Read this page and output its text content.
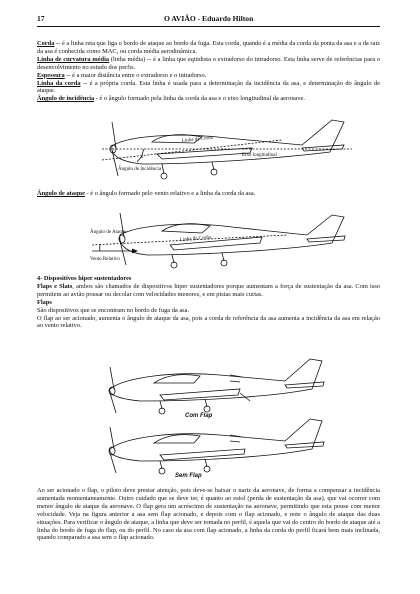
17	O AVIÃO - Eduardo Hilton
Corda -- é a linha reta que liga o bordo de ataque ao bordo da fuga. Esta corda, quando é a média da corda da ponta da asa e a da raiz da asa é conhecida como MAC, ou corda média aerodinâmica.
Linha de curvatura média (linha média) -- é a linha que eqüidista o extradorso do intradorso. Esta linha serve de referências para o desenvolvimento no estudo dos perfis.
Espessura -- é a maior distância entre o extradorso e o intradorso.
Linha da corda -- é a própria corda. Esta linha é usada para a determinação da incidência da asa, e determinação do ângulo de ataque.
Ângulo de incidência - é o ângulo formado pela linha da corda da asa e o eixo longitudinal da aeronave.
Linha da Corda
Eixo longitudinal
Ângulo de Incidência
Ângulo de ataque - é o ângulo formado pelo vento relativo e a linha da corda da asa.
Ângulo de Ataque
Vento Relativo
Linha da Corda
4- Dispositivos hiper sustentadores
Flaps e Slats, ambos são chamados de dispositivos hiper sustentadores porque aumentam a força de sustentação da asa. Com isso permitem ao avião pousar ou decolar com velocidades menores, e em pistas mais curtas.
Flaps
São dispositivos que se encontram no bordo de fuga da asa.
O flap ao ser acionado, aumenta o ângulo de ataque da asa, pois a corda de referência da asa aumenta a incidência da asa em relação ao vento relativo.
Com Flap
Sem Flap
Ao ser acionado o flap, o piloto deve prestar atenção, pois deve-se baixar o nariz da aeronave, de forma a compensar a incidência aumentada momentaneamente. Outro cuidado que se deve ter, é quanto ao estol (perda de sustentação da asa), que vai ocorrer com menor ângulo de ataque da aeronave. O flap gera um acréscimo de sustentação na aeronave, permitindo que esta pouse com menor velocidade. Veja na figura anterior a asa sem flap acionado, e depois com o flap acionado, e note o ângulo de ataque das duas situações. Para verificar o ângulo de ataque, a linha que deve ser tomada no perfil, é aquela que vai do centro do bordo de ataque até a linha do bordo de fuga do flap, ou do perfil. No caso da asa com flap acionado, a linha da corda do perfil ficará bem mais inclinada, quando comparado a asa sem o flap acionado.
